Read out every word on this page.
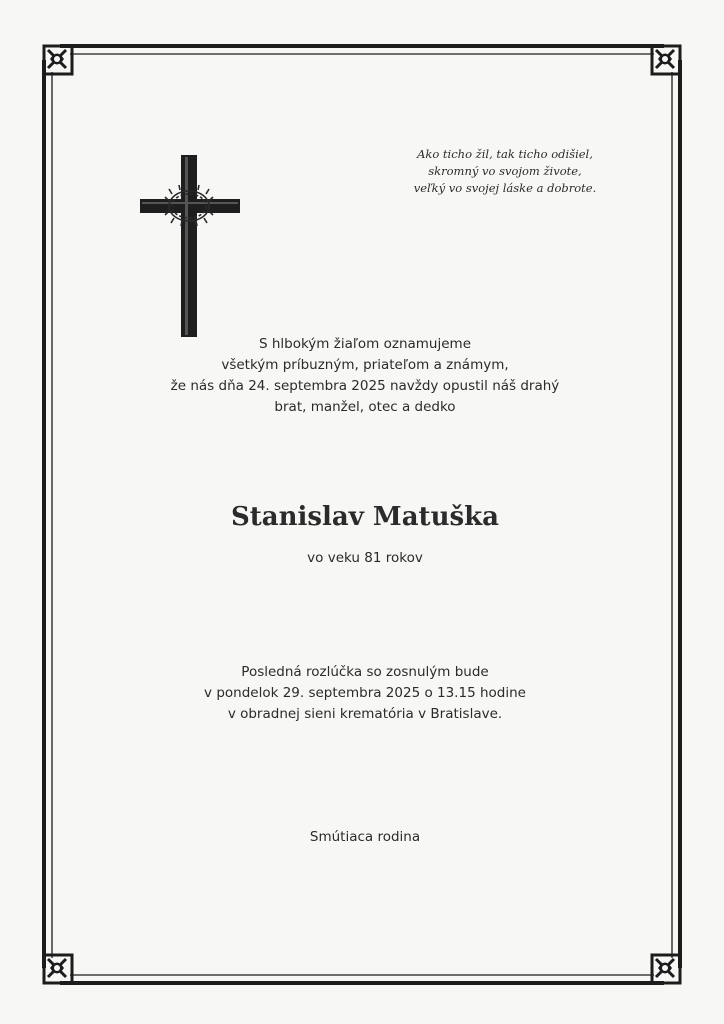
Ako ticho žil, tak ticho odišiel,
skromný vo svojom živote,
veľký vo svojej láske a dobrote.
S hlbokým žiaľom oznamujeme
všetkým príbuzným, priateľom a známym,
že nás dňa 24. septembra 2025 navždy opustil náš drahý
brat, manžel, otec a dedko
Stanislav Matuška
vo veku 81 rokov
Posledná rozlúčka so zosnulým bude
v pondelok 29. septembra 2025 o 13.15 hodine
v obradnej sieni krematória v Bratislave.
Smútiaca rodina
